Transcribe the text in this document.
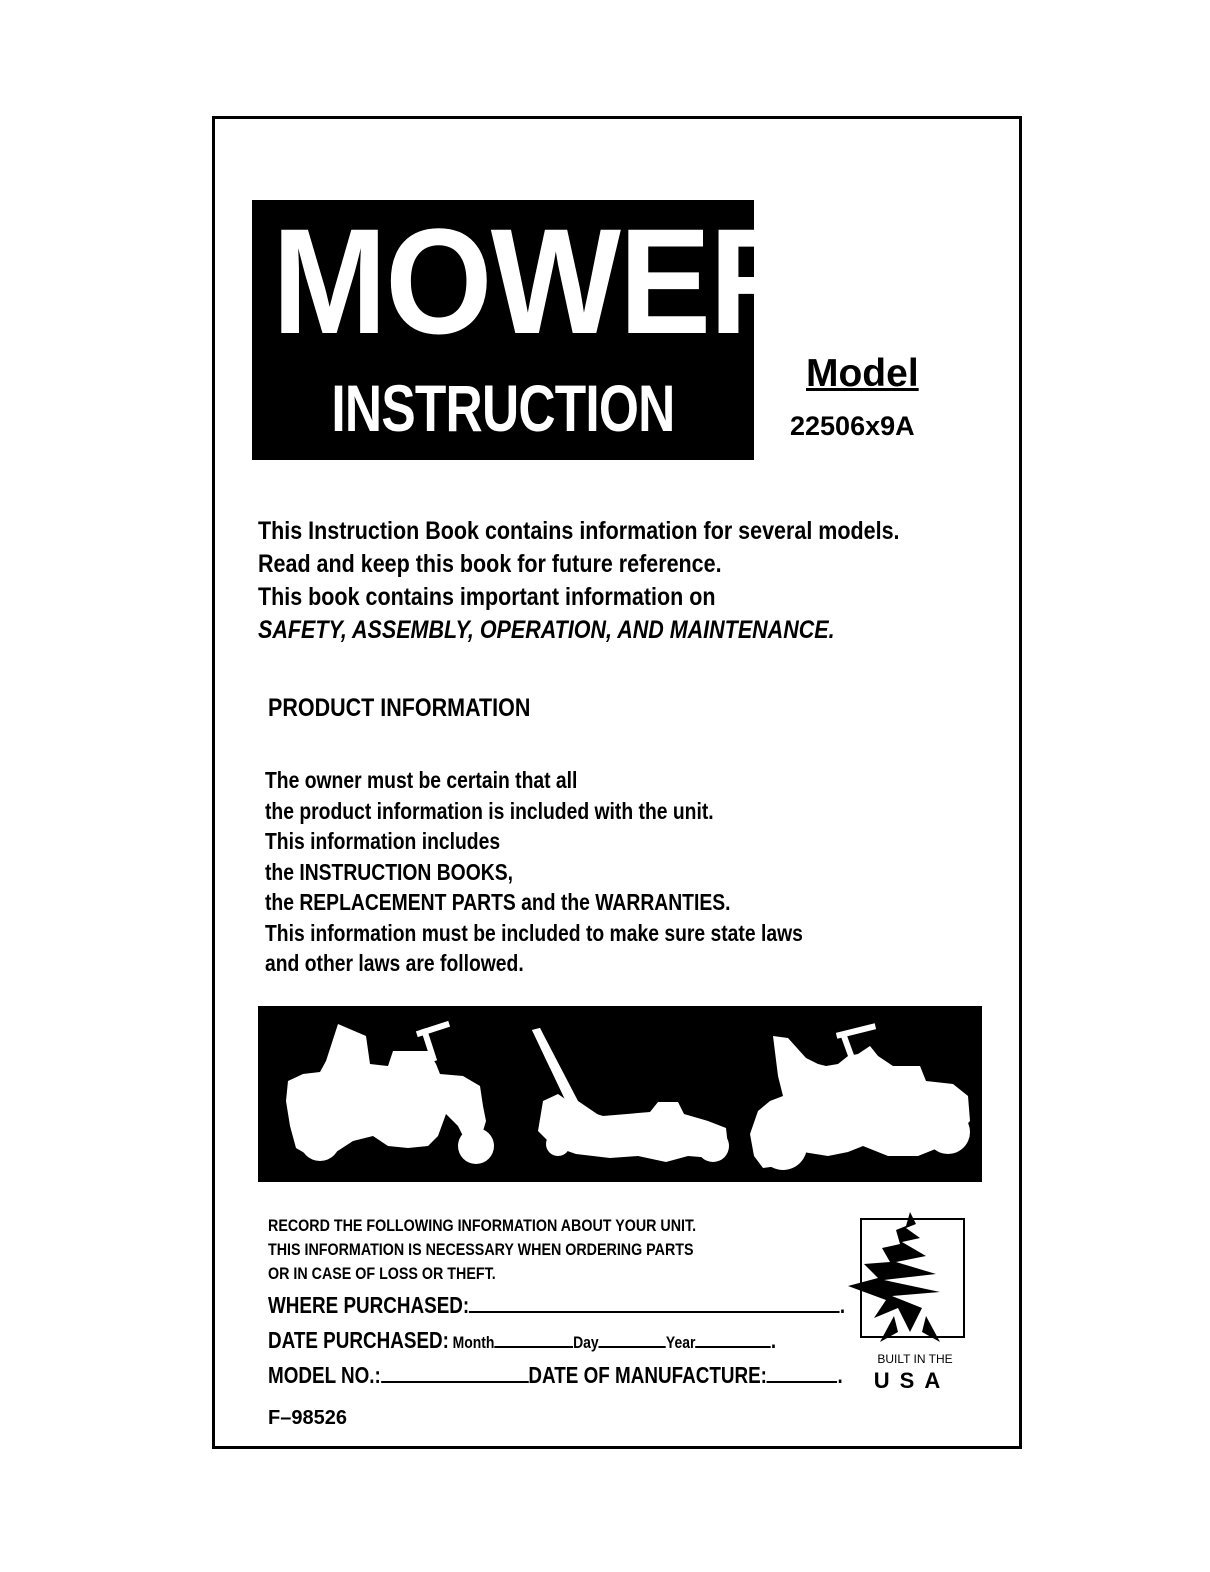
MOWER
INSTRUCTION BOOK
Model
22506x9A
This Instruction Book contains information for several models.
Read and keep this book for future reference.
This book contains important information on
SAFETY, ASSEMBLY, OPERATION, AND MAINTENANCE.
PRODUCT INFORMATION
The owner must be certain that all
the product information is included with the unit.
This information includes
the INSTRUCTION BOOKS,
the REPLACEMENT PARTS and the WARRANTIES.
This information must be included to make sure state laws
and other laws are followed.
RECORD THE FOLLOWING INFORMATION ABOUT YOUR UNIT.
THIS INFORMATION IS NECESSARY WHEN ORDERING PARTS
OR IN CASE OF LOSS OR THEFT.
WHERE PURCHASED:	.
DATE PURCHASED: Month	Day	Year	.
MODEL NO.:	DATE OF MANUFACTURE:	.
F–98526
BUILT IN THE
USA
